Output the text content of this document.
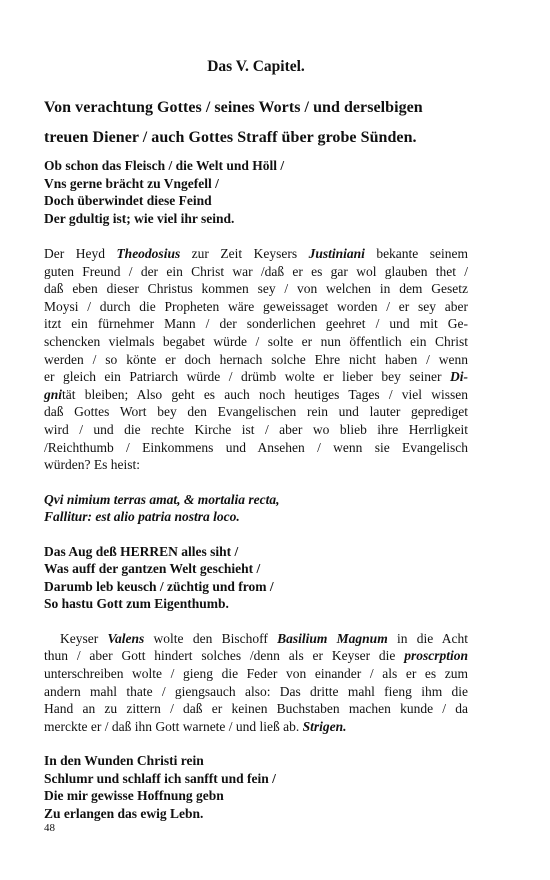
Das V. Capitel.
Von verachtung Gottes / seines Worts / und derselbigen
treuen Diener / auch Gottes Straff über grobe Sünden.
Ob schon das Fleisch / die Welt und Höll /
Vns gerne brächt zu Vngefell /
Doch überwindet diese Feind
Der gdultig ist; wie viel ihr seind.
Der Heyd Theodosius zur Zeit Keysers Justiniani bekante seinem
guten Freund / der ein Christ war /daß er es gar wol glauben thet /
daß eben dieser Christus kommen sey / von welchen in dem Gesetz
Moysi / durch die Propheten wäre geweissaget worden / er sey aber
itzt ein fürnehmer Mann / der sonderlichen geehret / und mit Ge-
schencken vielmals begabet würde / solte er nun öffentlich ein Christ
werden / so könte er doch hernach solche Ehre nicht haben / wenn
er gleich ein Patriarch würde / drümb wolte er lieber bey seiner Di-
gnität bleiben; Also geht es auch noch heutiges Tages / viel wissen
daß Gottes Wort bey den Evangelischen rein und lauter geprediget
wird / und die rechte Kirche ist / aber wo blieb ihre Herrligkeit
/Reichthumb / Einkommens und Ansehen / wenn sie Evangelisch
würden? Es heist:
Qvi nimium terras amat, & mortalia recta,
Fallitur: est alio patria nostra loco.
Das Aug deß HERREN alles siht /
Was auff der gantzen Welt geschieht /
Darumb leb keusch / züchtig und from /
So hastu Gott zum Eigenthumb.
Keyser Valens wolte den Bischoff Basilium Magnum in die Acht
thun / aber Gott hindert solches /denn als er Keyser die proscrption
unterschreiben wolte / gieng die Feder von einander / als er es zum
andern mahl thate / giengsauch also: Das dritte mahl fieng ihm die
Hand an zu zittern / daß er keinen Buchstaben machen kunde / da
merckte er / daß ihn Gott warnete / und ließ ab. Strigen.
In den Wunden Christi rein
Schlumr und schlaff ich sanfft und fein /
Die mir gewisse Hoffnung gebn
Zu erlangen das ewig Lebn.
48
